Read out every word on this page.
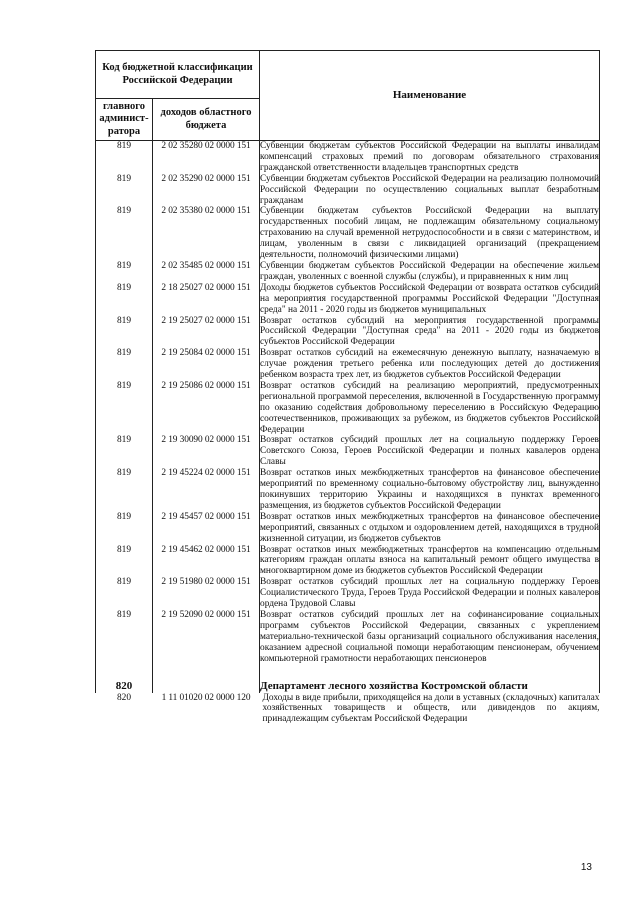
Код бюджетной классификации Российской Федерации		Наименование
главного админист-ратора	доходов областного бюджета	
819	2 02 35280 02 0000 151	Субвенции бюджетам субъектов Российской Федерации на выплаты инвалидам компенсаций страховых премий по договорам обязательного страхования гражданской ответственности владельцев транспортных средств
819	2 02 35290 02 0000 151	Субвенции бюджетам субъектов Российской Федерации на реализацию полномочий Российской Федерации по осуществлению социальных выплат безработным гражданам
819	2 02 35380 02 0000 151	Субвенции бюджетам субъектов Российской Федерации на выплату государственных пособий лицам, не подлежащим обязательному социальному страхованию на случай временной нетрудоспособности и в связи с материнством, и лицам, уволенным в связи с ликвидацией организаций (прекращением деятельности, полномочий физическими лицами)
819	2 02 35485 02 0000 151	Субвенции бюджетам субъектов Российской Федерации на обеспечение жильем граждан, уволенных с военной службы (службы), и приравненных к ним лиц
819	2 18 25027 02 0000 151	Доходы бюджетов субъектов Российской Федерации от возврата остатков субсидий на мероприятия государственной программы Российской Федерации "Доступная среда" на 2011 - 2020 годы из бюджетов муниципальных
819	2 19 25027 02 0000 151	Возврат остатков субсидий на мероприятия государственной программы Российской Федерации "Доступная среда" на 2011 - 2020 годы из бюджетов субъектов Российской Федерации
819	2 19 25084 02 0000 151	Возврат остатков субсидий на ежемесячную денежную выплату, назначаемую в случае рождения третьего ребенка или последующих детей до достижения ребенком возраста трех лет, из бюджетов субъектов Российской Федерации
819	2 19 25086 02 0000 151	Возврат остатков субсидий на реализацию мероприятий, предусмотренных региональной программой переселения, включенной в Государственную программу по оказанию содействия добровольному переселению в Российскую Федерацию соотечественников, проживающих за рубежом, из бюджетов субъектов Российской Федерации
819	2 19 30090 02 0000 151	Возврат остатков субсидий прошлых лет на социальную поддержку Героев Советского Союза, Героев Российской Федерации и полных кавалеров ордена Славы
819	2 19 45224 02 0000 151	Возврат остатков иных межбюджетных трансфертов на финансовое обеспечение мероприятий по временному социально-бытовому обустройству лиц, вынужденно покинувших территорию Украины и находящихся в пунктах временного размещения, из бюджетов субъектов Российской Федерации
819	2 19 45457 02 0000 151	Возврат остатков иных межбюджетных трансфертов на финансовое обеспечение мероприятий, связанных с отдыхом и оздоровлением детей, находящихся в трудной жизненной ситуации, из бюджетов субъектов
819	2 19 45462 02 0000 151	Возврат остатков иных межбюджетных трансфертов на компенсацию отдельным категориям граждан оплаты взноса на капитальный ремонт общего имущества в многоквартирном доме из бюджетов субъектов Российской Федерации
819	2 19 51980 02 0000 151	Возврат остатков субсидий прошлых лет на социальную поддержку Героев Социалистического Труда, Героев Труда Российской Федерации и полных кавалеров ордена Трудовой Славы
819	2 19 52090 02 0000 151	Возврат остатков субсидий прошлых лет на софинансирование социальных программ субъектов Российской Федерации, связанных с укреплением материально-технической базы организаций социального обслуживания населения, оказанием адресной социальной помощи неработающим пенсионерам, обучением компьютерной грамотности неработающих пенсионеров
820		Департамент лесного хозяйства Костромской области
820	1 11 01020 02 0000 120	Доходы в виде прибыли, приходящейся на доли в уставных (складочных) капиталах хозяйственных товариществ и обществ, или дивидендов по акциям, принадлежащим субъектам Российской Федерации
13
